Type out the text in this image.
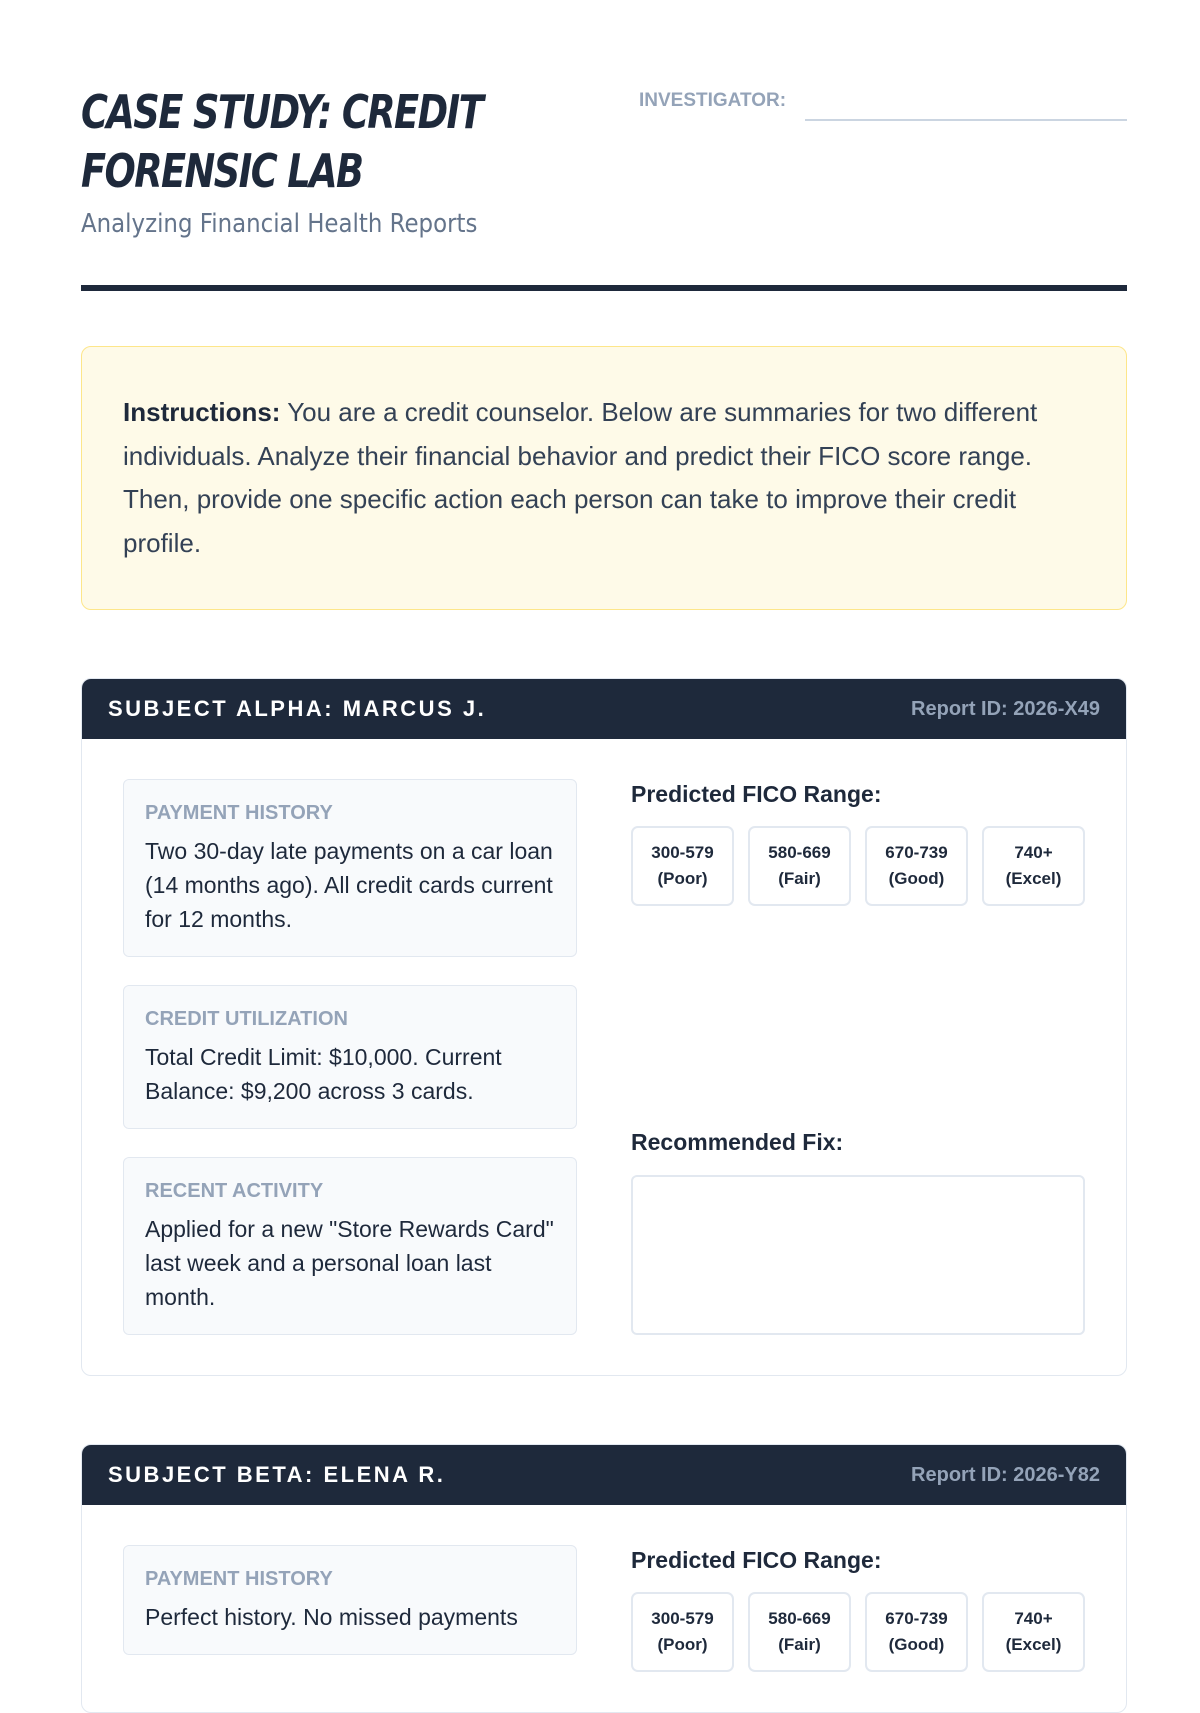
CASE STUDY: CREDIT FORENSIC LAB
Analyzing Financial Health Reports
INVESTIGATOR:
Instructions: You are a credit counselor. Below are summaries for two different individuals. Analyze their financial behavior and predict their FICO score range. Then, provide one specific action each person can take to improve their credit profile.
SUBJECT ALPHA: MARCUS J.	Report ID: 2026-X49
PAYMENT HISTORY
Two 30-day late payments on a car loan (14 months ago). All credit cards current for 12 months.
CREDIT UTILIZATION
Total Credit Limit: $10,000. Current Balance: $9,200 across 3 cards.
RECENT ACTIVITY
Applied for a new "Store Rewards Card" last week and a personal loan last month.
Predicted FICO Range:
300-579
(Poor)
580-669
(Fair)
670-739
(Good)
740+
(Excel)
Recommended Fix:
SUBJECT BETA: ELENA R.	Report ID: 2026-Y82
PAYMENT HISTORY
Perfect history. No missed payments
Predicted FICO Range:
300-579
(Poor)
580-669
(Fair)
670-739
(Good)
740+
(Excel)
